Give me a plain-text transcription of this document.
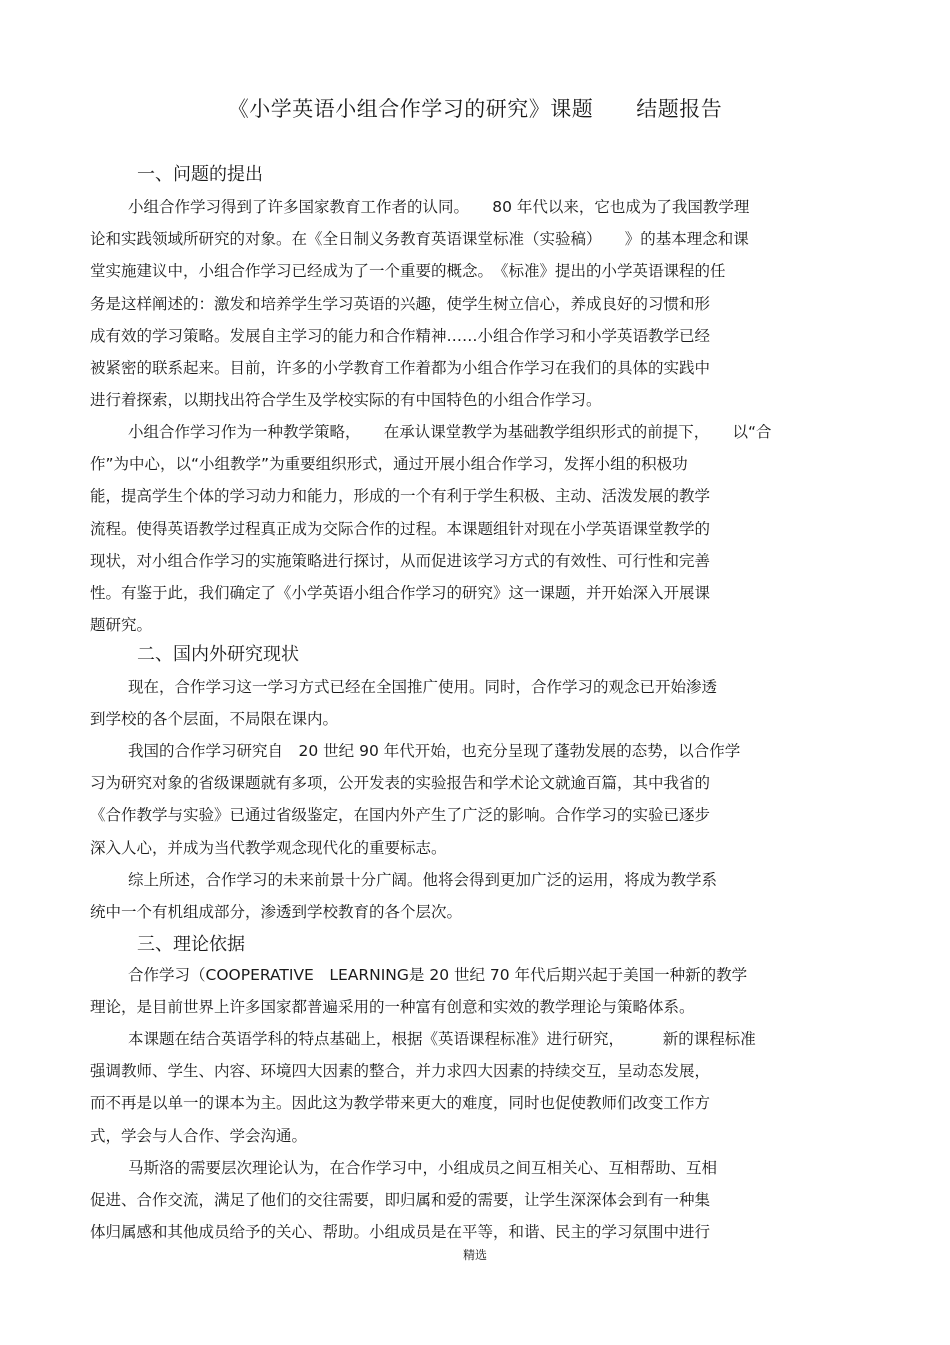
《小学英语小组合作学习的研究》课题　　结题报告
一、问题的提出
小组合作学习得到了许多国家教育工作者的认同。　　80 年代以来，它也成为了我国教学理
论和实践领域所研究的对象。在《全日制义务教育英语课堂标准（实验稿）　　》的基本理念和课
堂实施建议中，小组合作学习已经成为了一个重要的概念。　《标准》提出的小学英语课程的任
务是这样阐述的：激发和培养学生学习英语的兴趣，使学生树立信心，养成良好的习惯和形
成有效的学习策略。发展自主学习的能力和合作精神……小组合作学习和小学英语教学已经
被紧密的联系起来。目前，许多的小学教育工作着都为小组合作学习在我们的具体的实践中
进行着探索，以期找出符合学生及学校实际的有中国特色的小组合作学习。
小组合作学习作为一种教学策略，　　在承认课堂教学为基础教学组织形式的前提下，　　以“合
作”为中心，以“小组教学”为重要组织形式，通过开展小组合作学习，发挥小组的积极功
能，提高学生个体的学习动力和能力，形成的一个有利于学生积极、主动、活泼发展的教学
流程。使得英语教学过程真正成为交际合作的过程。本课题组针对现在小学英语课堂教学的
现状，对小组合作学习的实施策略进行探讨，从而促进该学习方式的有效性、可行性和完善
性。有鉴于此，我们确定了《小学英语小组合作学习的研究》这一课题，并开始深入开展课
题研究。
二、国内外研究现状
现在，合作学习这一学习方式已经在全国推广使用。同时，合作学习的观念已开始渗透
到学校的各个层面，不局限在课内。
我国的合作学习研究自　20 世纪 90 年代开始，也充分呈现了蓬勃发展的态势，以合作学
习为研究对象的省级课题就有多项，公开发表的实验报告和学术论文就逾百篇，其中我省的
《合作教学与实验》已通过省级鉴定，在国内外产生了广泛的影响。合作学习的实验已逐步
深入人心，并成为当代教学观念现代化的重要标志。
综上所述，合作学习的未来前景十分广阔。他将会得到更加广泛的运用，将成为教学系
统中一个有机组成部分，渗透到学校教育的各个层次。
三、理论依据
合作学习（COOPERATIVE　LEARNING是 20 世纪 70 年代后期兴起于美国一种新的教学
理论，是目前世界上许多国家都普遍采用的一种富有创意和实效的教学理论与策略体系。
本课题在结合英语学科的特点基础上，根据《英语课程标准》进行研究，　　　新的课程标准
强调教师、学生、内容、环境四大因素的整合，并力求四大因素的持续交互，呈动态发展，
而不再是以单一的课本为主。因此这为教学带来更大的难度，同时也促使教师们改变工作方
式，学会与人合作、学会沟通。
马斯洛的需要层次理论认为，在合作学习中，小组成员之间互相关心、互相帮助、互相
促进、合作交流，满足了他们的交往需要，即归属和爱的需要，让学生深深体会到有一种集
体归属感和其他成员给予的关心、帮助。小组成员是在平等，和谐、民主的学习氛围中进行
精选
